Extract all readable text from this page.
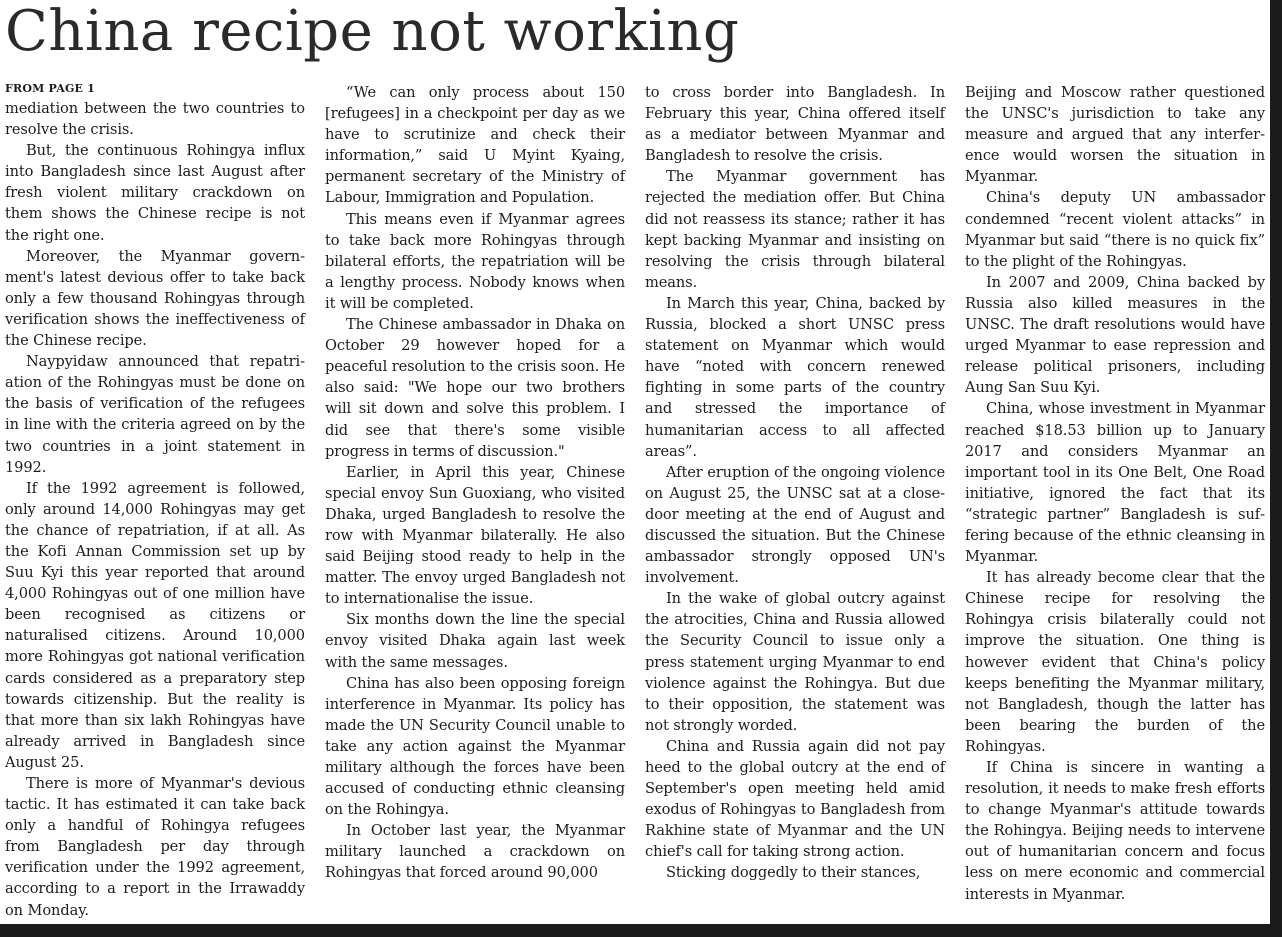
China recipe not working
FROM PAGE 1

mediation between the two countries to resolve the crisis.

But, the continuous Rohingya influx into Bangladesh since last August after fresh violent military crackdown on them shows the Chinese recipe is not the right one.

Moreover, the Myanmar government's latest devious offer to take back only a few thousand Rohingyas through verification shows the ineffectiveness of the Chinese recipe.

Naypyidaw announced that repatriation of the Rohingyas must be done on the basis of verification of the refugees in line with the criteria agreed on by the two countries in a joint statement in 1992.

If the 1992 agreement is followed, only around 14,000 Rohingyas may get the chance of repatriation, if at all. As the Kofi Annan Commission set up by Suu Kyi this year reported that around 4,000 Rohingyas out of one million have been recognised as citizens or naturalised citizens. Around 10,000 more Rohingyas got national verification cards considered as a preparatory step towards citizenship. But the reality is that more than six lakh Rohingyas have already arrived in Bangladesh since August 25.

There is more of Myanmar's devious tactic. It has estimated it can take back only a handful of Rohingya refugees from Bangladesh per day through verification under the 1992 agreement, according to a report in the Irrawaddy on Monday.

“We can only process about 150 [refugees] in a checkpoint per day as we have to scrutinize and check their information,” said U Myint Kyaing, permanent secretary of the Ministry of Labour, Immigration and Population.

This means even if Myanmar agrees to take back more Rohingyas through bilateral efforts, the repatriation will be a lengthy process. Nobody knows when it will be completed.

The Chinese ambassador in Dhaka on October 29 however hoped for a peaceful resolution to the crisis soon. He also said: "We hope our two brothers will sit down and solve this problem. I did see that there's some visible progress in terms of discussion."

Earlier, in April this year, Chinese special envoy Sun Guoxiang, who visited Dhaka, urged Bangladesh to resolve the row with Myanmar bilaterally. He also said Beijing stood ready to help in the matter. The envoy urged Bangladesh not to internationalise the issue.

Six months down the line the special envoy visited Dhaka again last week with the same messages.

China has also been opposing foreign interference in Myanmar. Its policy has made the UN Security Council unable to take any action against the Myanmar military although the forces have been accused of conducting ethnic cleansing on the Rohingya.

In October last year, the Myanmar military launched a crackdown on Rohingyas that forced around 90,000

to cross border into Bangladesh. In February this year, China offered itself as a mediator between Myanmar and Bangladesh to resolve the crisis.

The Myanmar government has rejected the mediation offer. But China did not reassess its stance; rather it has kept backing Myanmar and insisting on resolving the crisis through bilateral means.

In March this year, China, backed by Russia, blocked a short UNSC press statement on Myanmar which would have “noted with concern renewed fighting in some parts of the country and stressed the importance of humanitarian access to all affected areas”.

After eruption of the ongoing violence on August 25, the UNSC sat at a close-door meeting at the end of August and discussed the situation. But the Chinese ambassador strongly opposed UN's involvement.

In the wake of global outcry against the atrocities, China and Russia allowed the Security Council to issue only a press statement urging Myanmar to end violence against the Rohingya. But due to their opposition, the statement was not strongly worded.

China and Russia again did not pay heed to the global outcry at the end of September's open meeting held amid exodus of Rohingyas to Bangladesh from Rakhine state of Myanmar and the UN chief's call for taking strong action.

Sticking doggedly to their stances,

Beijing and Moscow rather questioned the UNSC's jurisdiction to take any measure and argued that any interference would worsen the situation in Myanmar.

China's deputy UN ambassador condemned “recent violent attacks” in Myanmar but said “there is no quick fix” to the plight of the Rohingyas.

In 2007 and 2009, China backed by Russia also killed measures in the UNSC. The draft resolutions would have urged Myanmar to ease repression and release political prisoners, including Aung San Suu Kyi.

China, whose investment in Myanmar reached $18.53 billion up to January 2017 and considers Myanmar an important tool in its One Belt, One Road initiative, ignored the fact that its “strategic partner” Bangladesh is suffering because of the ethnic cleansing in Myanmar.

It has already become clear that the Chinese recipe for resolving the Rohingya crisis bilaterally could not improve the situation. One thing is however evident that China's policy keeps benefiting the Myanmar military, not Bangladesh, though the latter has been bearing the burden of the Rohingyas.

If China is sincere in wanting a resolution, it needs to make fresh efforts to change Myanmar's attitude towards the Rohingya. Beijing needs to intervene out of humanitarian concern and focus less on mere economic and commercial interests in Myanmar.
